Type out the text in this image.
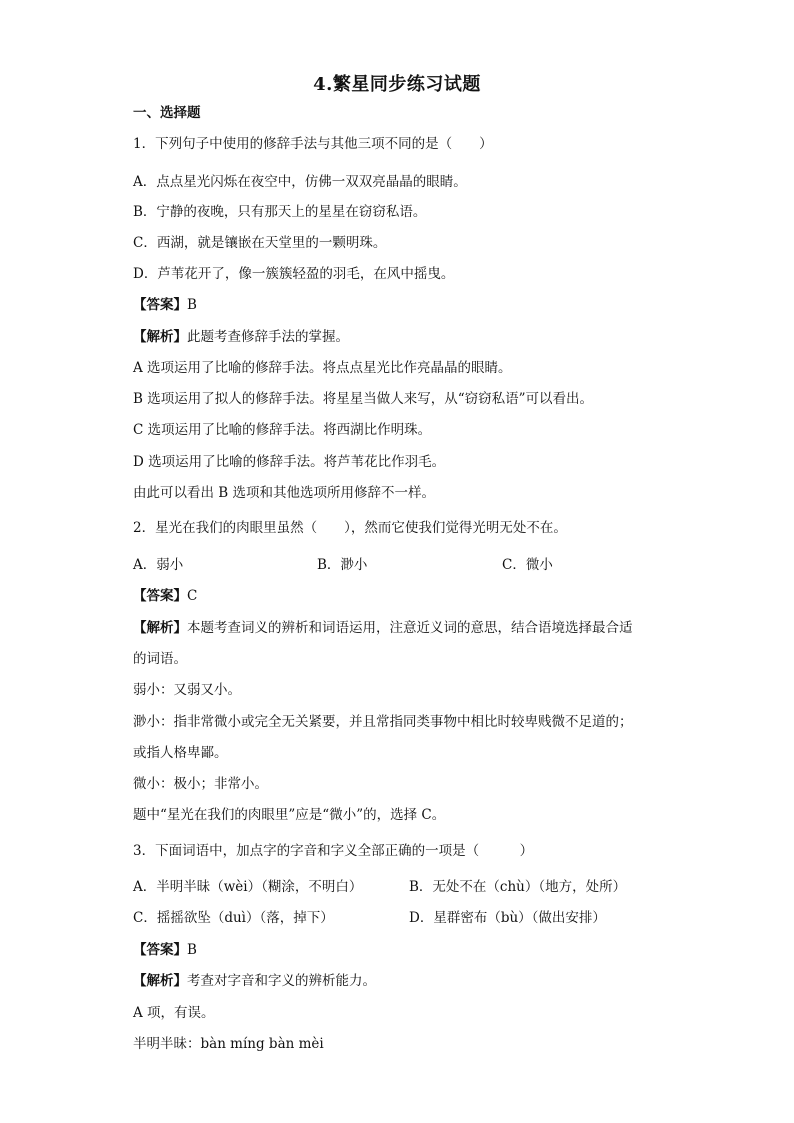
4.繁星同步练习试题
一、选择题
1．下列句子中使用的修辞手法与其他三项不同的是（　　）
A．点点星光闪烁在夜空中，仿佛一双双亮晶晶的眼睛。
B．宁静的夜晚，只有那天上的星星在窃窃私语。
C．西湖，就是镶嵌在天堂里的一颗明珠。
D．芦苇花开了，像一簇簇轻盈的羽毛，在风中摇曳。
【答案】B
【解析】此题考查修辞手法的掌握。
A 选项运用了比喻的修辞手法。将点点星光比作亮晶晶的眼睛。
B 选项运用了拟人的修辞手法。将星星当做人来写，从“窃窃私语”可以看出。
C 选项运用了比喻的修辞手法。将西湖比作明珠。
D 选项运用了比喻的修辞手法。将芦苇花比作羽毛。
由此可以看出 B 选项和其他选项所用修辞不一样。
2．星光在我们的肉眼里虽然（　　），然而它使我们觉得光明无处不在。
A．弱小	B．渺小	C．微小
【答案】C
【解析】本题考查词义的辨析和词语运用，注意近义词的意思，结合语境选择最合适
的词语。
弱小：又弱又小。
渺小：指非常微小或完全无关紧要，并且常指同类事物中相比时较卑贱微不足道的；
或指人格卑鄙。
微小：极小；非常小。
题中“星光在我们的肉眼里”应是“微小”的，选择 C。
3．下面词语中，加点字的字音和字义全部正确的一项是（　　　）
A．半明半昧（wèi）（糊涂，不明白）	B．无处不在（chù）（地方，处所）
C．摇摇欲坠（duì）（落，掉下）	D．星群密布（bù）（做出安排）
【答案】B
【解析】考查对字音和字义的辨析能力。
A 项，有误。
半明半昧：bàn míng bàn mèi
